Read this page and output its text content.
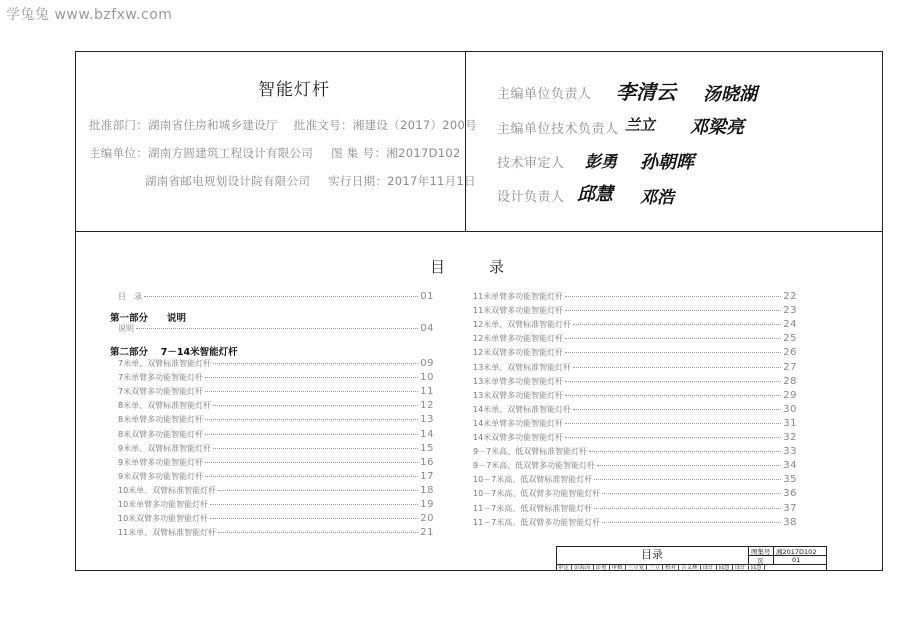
学兔兔 www.bzfxw.com
智能灯杆
批准部门：湖南省住房和城乡建设厅 批准文号：湘建设（2017）200号
主编单位：湖南方圆建筑工程设计有限公司 图 集 号：湘2017D102
湖南省邮电规划设计院有限公司 实行日期：2017年11月1日
主编单位负责人 李清云 汤晓湖
主编单位技术负责人 兰立 邓梁亮
技术审定人 彭勇 孙朝晖
设计负责人 邱慧 邓浩
目	录
目　录	01
第一部分　　说明
说明	04
第二部分　 7－14米智能灯杆
7米单、双臂标准智能灯杆	09
7米单臂多功能智能灯杆	10
7米双臂多功能智能灯杆	11
8米单、双臂标准智能灯杆	12
8米单臂多功能智能灯杆	13
8米双臂多功能智能灯杆	14
9米单、双臂标准智能灯杆	15
9米单臂多功能智能灯杆	16
9米双臂多功能智能灯杆	17
10米单、双臂标准智能灯杆	18
10米单臂多功能智能灯杆	19
10米双臂多功能智能灯杆	20
11米单、双臂标准智能灯杆	21
11米单臂多功能智能灯杆	22
11米双臂多功能智能灯杆	23
12米单、双臂标准智能灯杆	24
12米单臂多功能智能灯杆	25
12米双臂多功能智能灯杆	26
13米单、双臂标准智能灯杆	27
13米单臂多功能智能灯杆	28
13米双臂多功能智能灯杆	29
14米单、双臂标准智能灯杆	30
14米单臂多功能智能灯杆	31
14米双臂多功能智能灯杆	32
9－7米高、低双臂标准智能灯杆	33
9－7米高、低双臂多功能智能灯杆	34
10－7米高、低双臂标准智能灯杆	35
10－7米高、低双臂多功能智能灯杆	36
11－7米高、低双臂标准智能灯杆	37
11－7米高、低双臂多功能智能灯杆	38
目录	图集号 湘2017D102
页	01
审定 彭海涛 彭勇 审核 兰立党 兰立 校对 吉艾林 设计 邱慧 设计 邱慧
